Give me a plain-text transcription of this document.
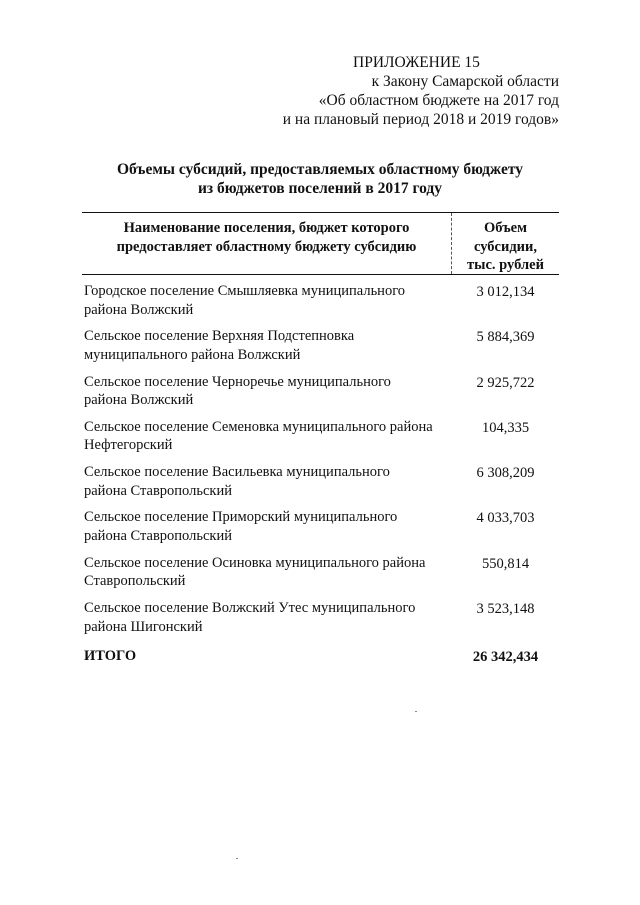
ПРИЛОЖЕНИЕ 15
к Закону Самарской области
«Об областном бюджете на 2017 год
и на плановый период 2018 и 2019 годов»
Объемы субсидий, предоставляемых областному бюджету
из бюджетов поселений в 2017 году
Наименование поселения, бюджет которого
предоставляет областному бюджету субсидию
Объем
субсидии,
тыс. рублей
Городское поселение Смышляевка муниципального
района Волжский
3 012,134
Сельское поселение Верхняя Подстепновка
муниципального района Волжский
5 884,369
Сельское поселение Черноречье муниципального
района Волжский
2 925,722
Сельское поселение Семеновка муниципального района
Нефтегорский
104,335
Сельское поселение Васильевка муниципального
района Ставропольский
6 308,209
Сельское поселение Приморский муниципального
района Ставропольский
4 033,703
Сельское поселение Осиновка муниципального района
Ставропольский
550,814
Сельское поселение Волжский Утес муниципального
района Шигонский
3 523,148
ИТОГО	26 342,434
